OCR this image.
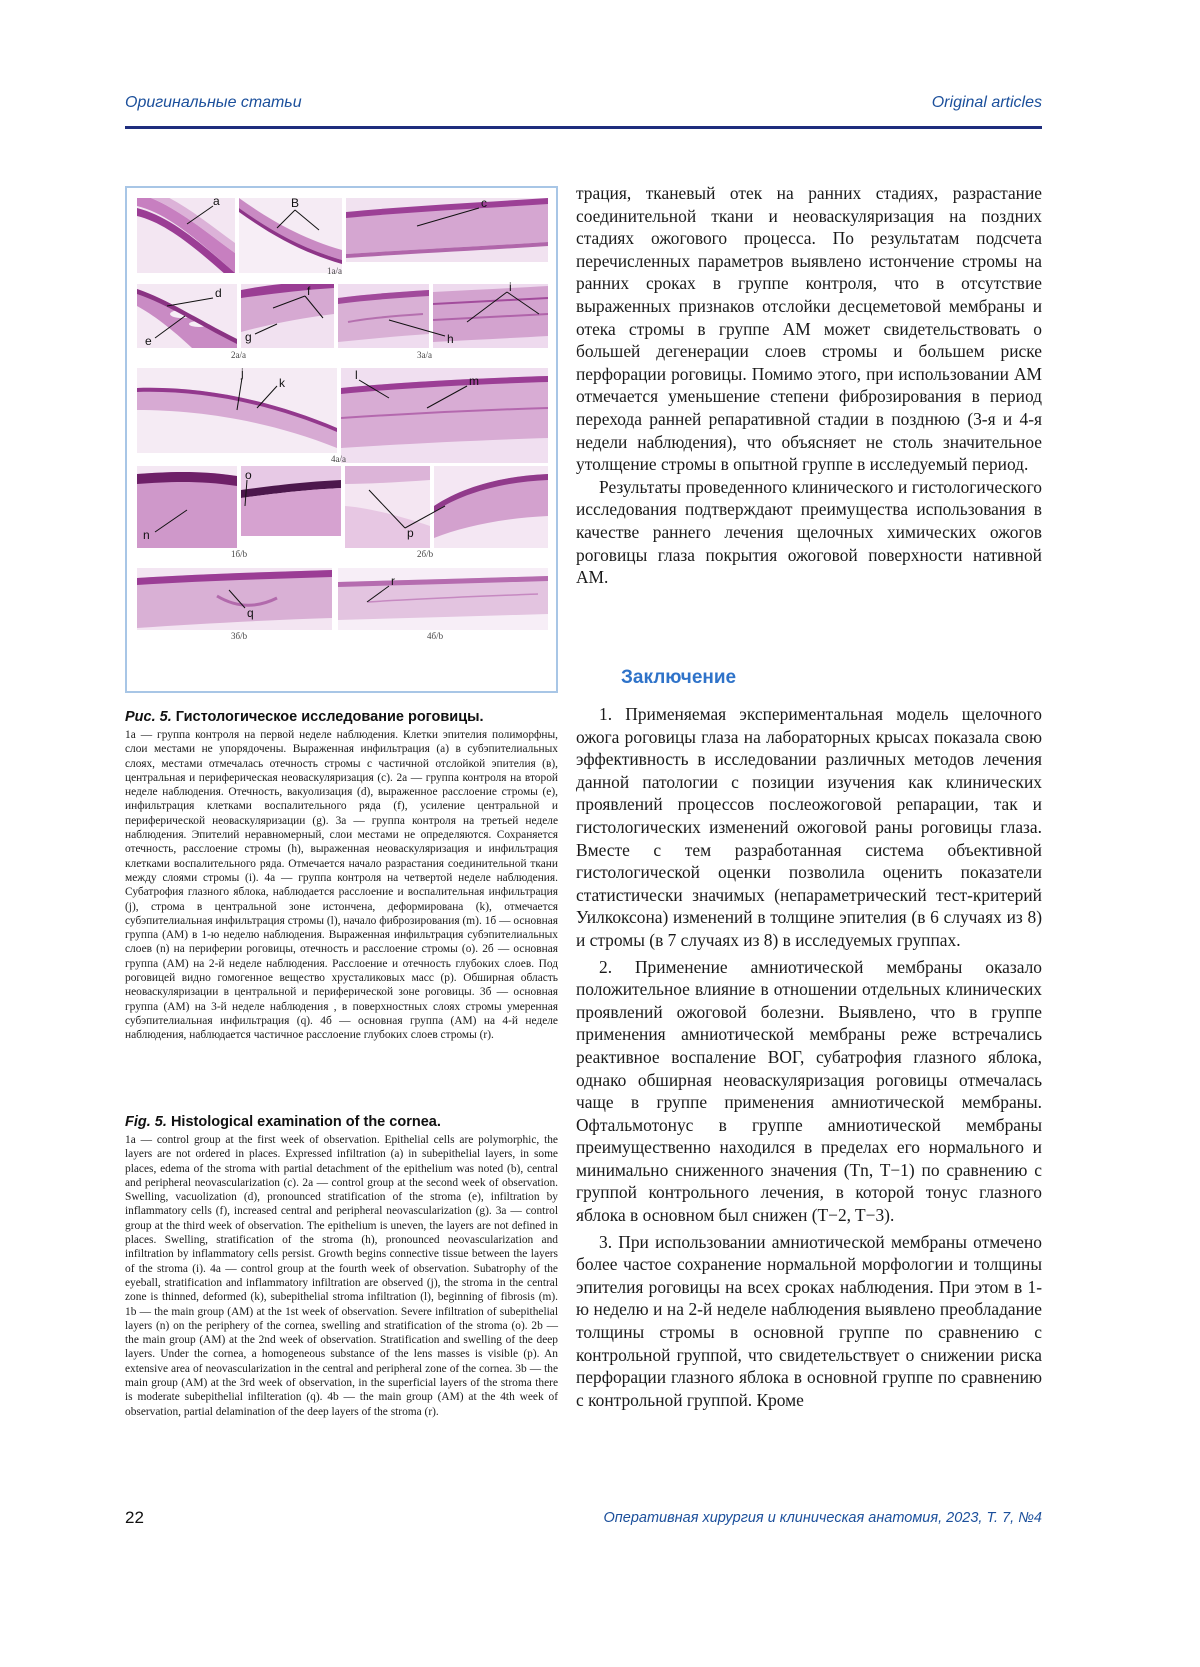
Оригинальные статьи	Original articles
1a/a
2a/a	3a/a
4a/a
1б/b	2б/b
3б/b	4б/b
a	B	c
d
e
f
g	h
i
j
k
l	m
n
o
p
q
r
Рис. 5. Гистологическое исследование роговицы.
1а — группа контроля на первой неделе наблюдения. Клетки эпителия полиморфны, слои местами не упорядочены. Выраженная инфильтрация (а) в субэпителиальных слоях, местами отмечалась отечность стромы с частичной отслойкой эпителия (в), центральная и периферическая неоваскуляризация (с). 2а — группа контроля на второй неделе наблюдения. Отечность, вакуолизация (d), выраженное расслоение стромы (е), инфильтрация клетками воспалительного ряда (f), усиление центральной и периферической неоваскуляризации (g). 3а — группа контроля на третьей неделе наблюдения. Эпителий неравномерный, слои местами не определяются. Сохраняется отечность, расслоение стромы (h), выраженная неоваскуляризация и инфильтрация клетками воспалительного ряда. Отмечается начало разрастания соединительной ткани между слоями стромы (i). 4а — группа контроля на четвертой неделе наблюдения. Субатрофия глазного яблока, наблюдается расслоение и воспалительная инфильтрация (j), строма в центральной зоне истончена, деформирована (k), отмечается субэпителиальная инфильтрация стромы (l), начало фиброзирования (m). 1б — основная группа (АМ) в 1-ю неделю наблюдения. Выраженная инфильтрация субэпителиальных слоев (n) на периферии роговицы, отечность и расслоение стромы (о). 2б — основная группа (АМ) на 2-й неделе наблюдения. Расслоение и отечность глубоких слоев. Под роговицей видно гомогенное вещество хрусталиковых масс (р). Обширная область неоваскуляризации в центральной и периферической зоне роговицы. 3б — основная группа (АМ) на 3-й неделе наблюдения , в поверхностных слоях стромы умеренная субэпителиальная инфильтрация (q). 4б — основная группа (АМ) на 4-й неделе наблюдения, наблюдается частичное расслоение глубоких слоев стромы (r).
Fig. 5. Histological examination of the cornea.
1a — control group at the first week of observation. Epithelial cells are polymorphic, the layers are not ordered in places. Expressed infiltration (a) in subepithelial layers, in some places, edema of the stroma with partial detachment of the epithelium was noted (b), central and peripheral neovascularization (c). 2a — control group at the second week of observation. Swelling, vacuolization (d), pronounced stratification of the stroma (e), infiltration by inflammatory cells (f), increased central and peripheral neovascularization (g). 3a — control group at the third week of observation. The epithelium is uneven, the layers are not defined in places. Swelling, stratification of the stroma (h), pronounced neovascularization and infiltration by inflammatory cells persist. Growth begins connective tissue between the layers of the stroma (i). 4a — control group at the fourth week of observation. Subatrophy of the eyeball, stratification and inflammatory infiltration are observed (j), the stroma in the central zone is thinned, deformed (k), subepithelial stroma infiltration (l), beginning of fibrosis (m). 1b — the main group (AM) at the 1st week of observation. Severe infiltration of subepithelial layers (n) on the periphery of the cornea, swelling and stratification of the stroma (o). 2b — the main group (AM) at the 2nd week of observation. Stratification and swelling of the deep layers. Under the cornea, a homogeneous substance of the lens masses is visible (p). An extensive area of neovascularization in the central and peripheral zone of the cornea. 3b — the main group (AM) at the 3rd week of observation, in the superficial layers of the stroma there is moderate subepithelial infilteration (q). 4b — the main group (AM) at the 4th week of observation, partial delamination of the deep layers of the stroma (r).

трация, тканевый отек на ранних стадиях, разрастание соединительной ткани и неоваскуляризация на поздних стадиях ожогового процесса. По результатам подсчета перечисленных параметров выявлено истончение стромы на ранних сроках в группе контроля, что в отсутствие выраженных признаков отслойки десцеметовой мембраны и отека стромы в группе АМ может свидетельствовать о большей дегенерации слоев стромы и большем риске перфорации роговицы. Помимо этого, при использовании АМ отмечается уменьшение степени фиброзирования в период перехода ранней репаративной стадии в позднюю (3-я и 4-я недели наблюдения), что объясняет не столь значительное утолщение стромы в опытной группе в исследуемый период.

Результаты проведенного клинического и гистологического исследования подтверждают преимущества использования в качестве раннего лечения щелочных химических ожогов роговицы глаза покрытия ожоговой поверхности нативной АМ.

Заключение

1. Применяемая экспериментальная модель щелочного ожога роговицы глаза на лабораторных крысах показала свою эффективность в исследовании различных методов лечения данной патологии с позиции изучения как клинических проявлений процессов послеожоговой репарации, так и гистологических изменений ожоговой раны роговицы глаза. Вместе с тем разработанная система объективной гистологической оценки позволила оценить показатели статистически значимых (непараметрический тест-критерий Уилкоксона) изменений в толщине эпителия (в 6 случаях из 8) и стромы (в 7 случаях из 8) в исследуемых группах.

2. Применение амниотической мембраны оказало положительное влияние в отношении отдельных клинических проявлений ожоговой болезни. Выявлено, что в группе применения амниотической мембраны реже встречались реактивное воспаление ВОГ, субатрофия глазного яблока, однако обширная неоваскуляризация роговицы отмечалась чаще в группе применения амниотической мембраны. Офтальмотонус в группе амниотической мембраны преимущественно находился в пределах его нормального и минимально сниженного значения (Tn, T−1) по сравнению с группой контрольного лечения, в которой тонус глазного яблока в основном был снижен (T−2, T−3).

3. При использовании амниотической мембраны отмечено более частое сохранение нормальной морфологии и толщины эпителия роговицы на всех сроках наблюдения. При этом в 1-ю неделю и на 2-й неделе наблюдения выявлено преобладание толщины стромы в основной группе по сравнению с контрольной группой, что свидетельствует о снижении риска перфорации глазного яблока в основной группе по сравнению с контрольной группой. Кроме

22	Оперативная хирургия и клиническая анатомия, 2023, Т. 7, №4
